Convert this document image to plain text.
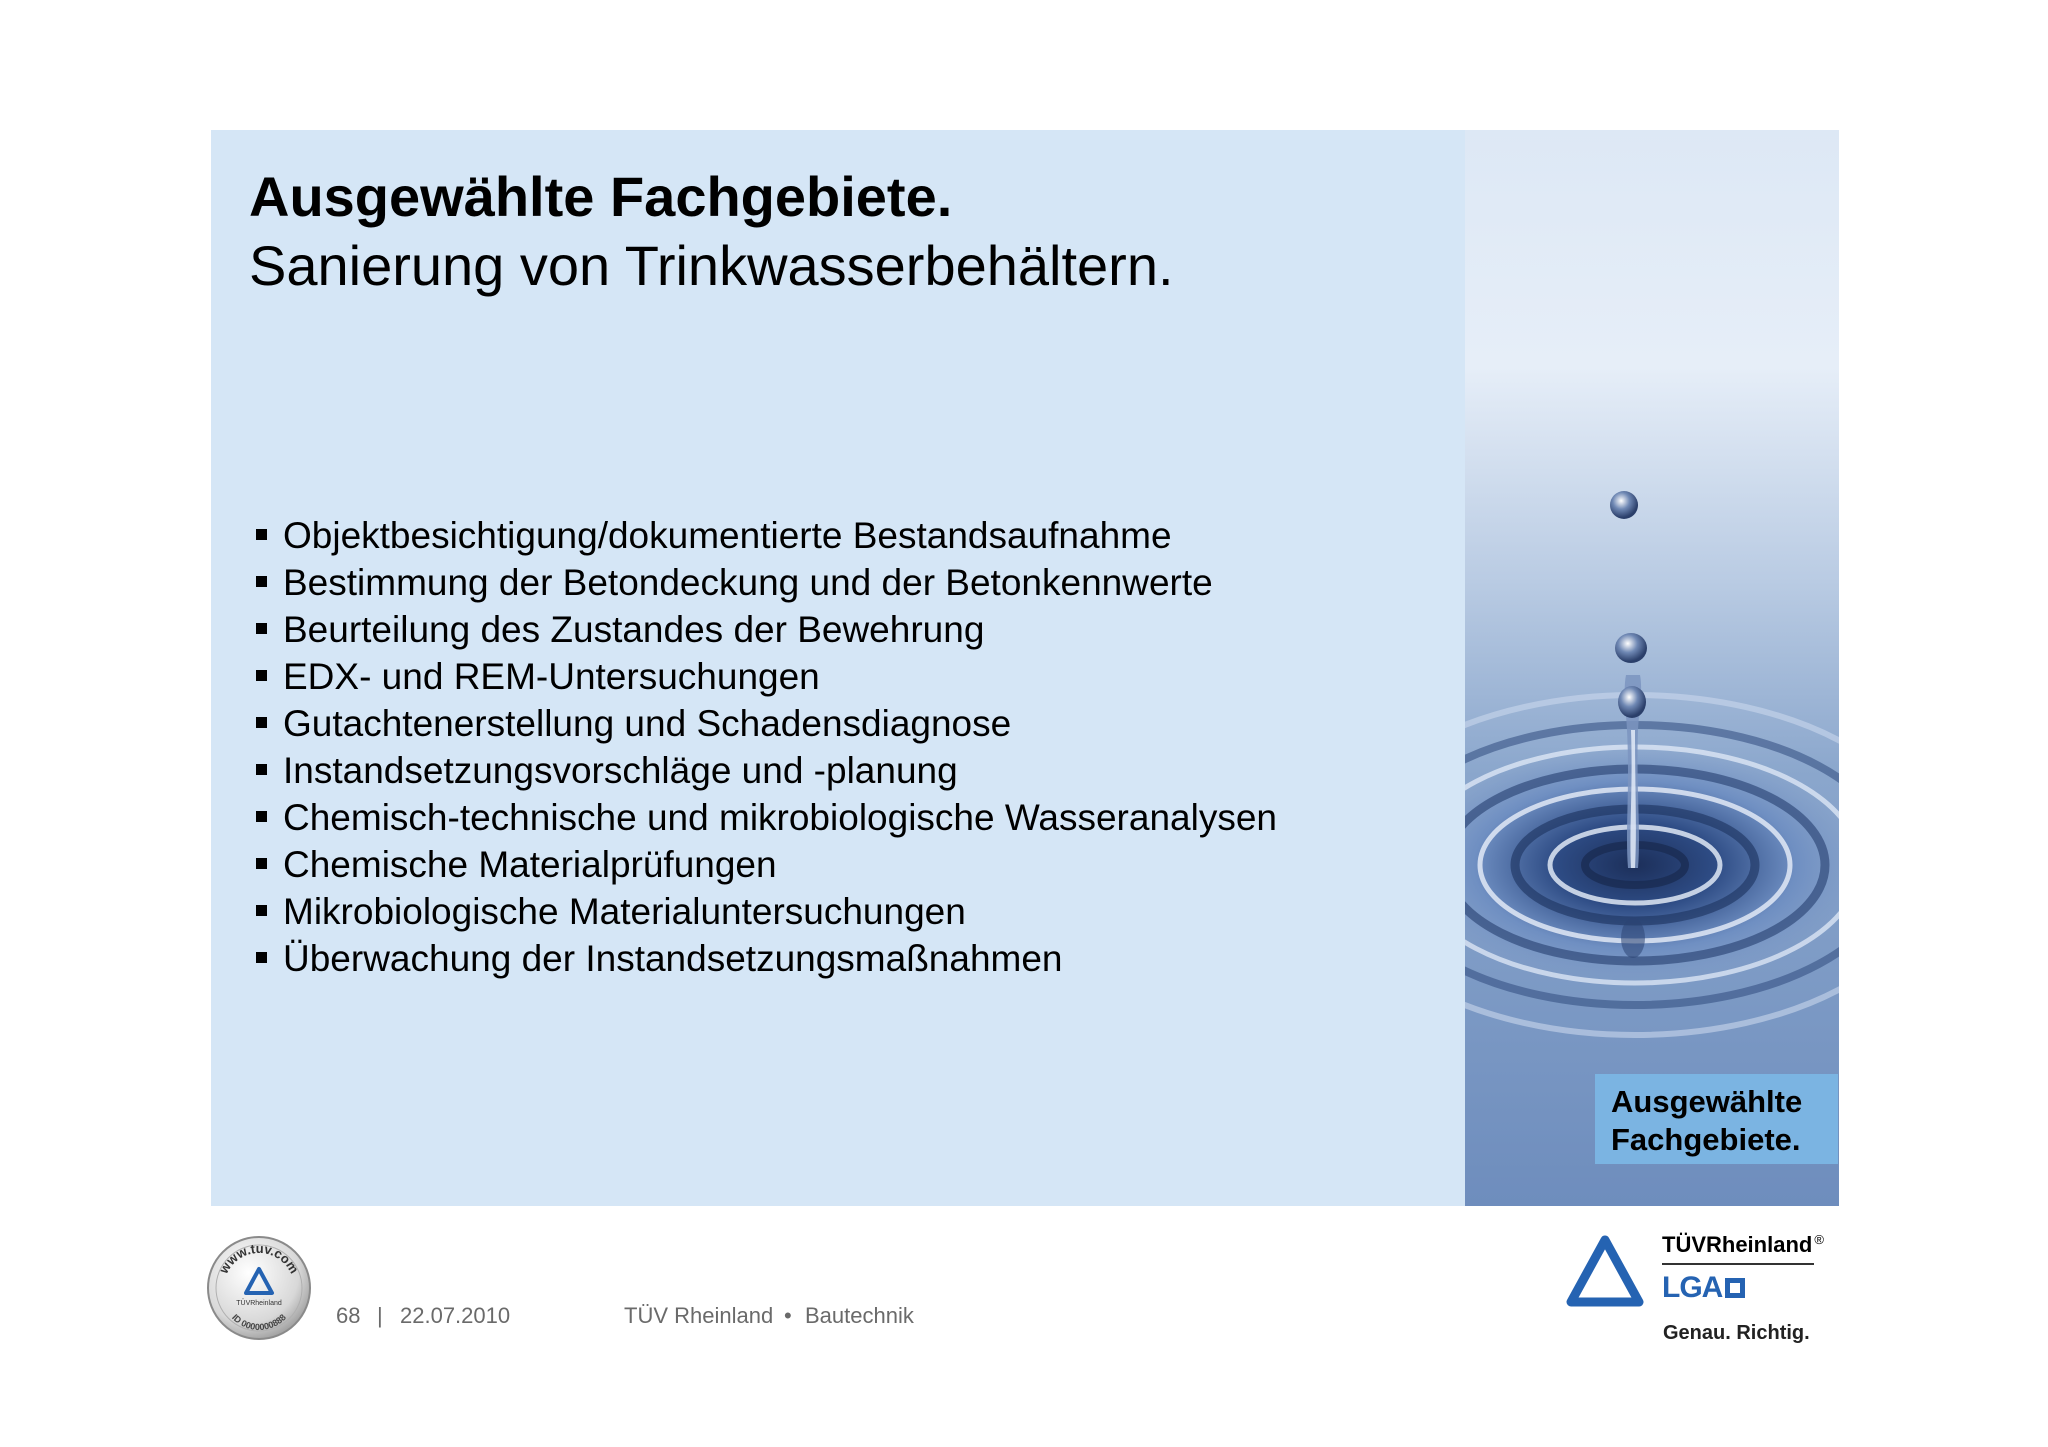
Ausgewählte Fachgebiete.
Sanierung von Trinkwasserbehältern.
Objektbesichtigung/dokumentierte Bestandsaufnahme
Bestimmung der Betondeckung und der Betonkennwerte
Beurteilung des Zustandes der Bewehrung
EDX- und REM-Untersuchungen
Gutachtenerstellung und Schadensdiagnose
Instandsetzungsvorschläge und -planung
Chemisch-technische und mikrobiologische Wasseranalysen
Chemische Materialprüfungen
Mikrobiologische Materialuntersuchungen
Überwachung der Instandsetzungsmaßnahmen
Ausgewählte
Fachgebiete.
www.tuv.com
ID 0000000888
TÜVRheinland 68 | 22.07.2010	TÜV Rheinland • Bautechnik
TÜVRheinland ®
LGA
Genau. Richtig.
